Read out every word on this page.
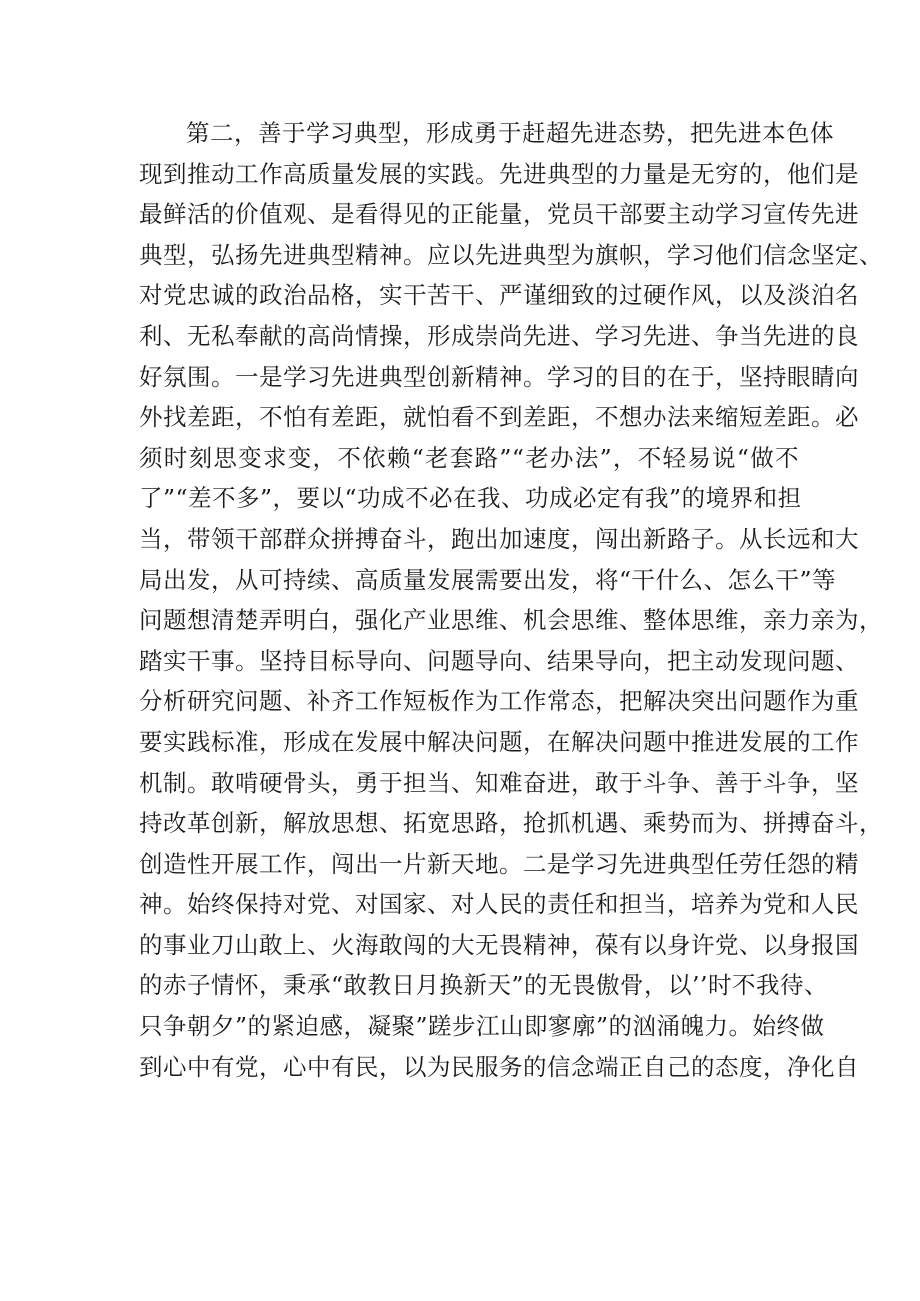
第二，善于学习典型，形成勇于赶超先进态势，把先进本色体
现到推动工作高质量发展的实践。先进典型的力量是无穷的，他们是
最鲜活的价值观、是看得见的正能量，党员干部要主动学习宣传先进
典型，弘扬先进典型精神。应以先进典型为旗帜，学习他们信念坚定、
对党忠诚的政治品格，实干苦干、严谨细致的过硬作风，以及淡泊名
利、无私奉献的高尚情操，形成崇尚先进、学习先进、争当先进的良
好氛围。一是学习先进典型创新精神。学习的目的在于，坚持眼睛向
外找差距，不怕有差距，就怕看不到差距，不想办法来缩短差距。必
须时刻思变求变，不依赖“老套路”“老办法”，不轻易说“做不
了”“差不多”，要以“功成不必在我、功成必定有我”的境界和担
当，带领干部群众拼搏奋斗，跑出加速度，闯出新路子。从长远和大
局出发，从可持续、高质量发展需要出发，将“干什么、怎么干”等
问题想清楚弄明白，强化产业思维、机会思维、整体思维，亲力亲为，
踏实干事。坚持目标导向、问题导向、结果导向，把主动发现问题、
分析研究问题、补齐工作短板作为工作常态，把解决突出问题作为重
要实践标准，形成在发展中解决问题，在解决问题中推进发展的工作
机制。敢啃硬骨头，勇于担当、知难奋进，敢于斗争、善于斗争，坚
持改革创新，解放思想、拓宽思路，抢抓机遇、乘势而为、拼搏奋斗，
创造性开展工作，闯出一片新天地。二是学习先进典型任劳任怨的精
神。始终保持对党、对国家、对人民的责任和担当，培养为党和人民
的事业刀山敢上、火海敢闯的大无畏精神，葆有以身许党、以身报国
的赤子情怀，秉承“敢教日月换新天”的无畏傲骨，以’’时不我待、
只争朝夕”的紧迫感，凝聚”蹉步江山即寥廓”的汹涌魄力。始终做
到心中有党，心中有民，以为民服务的信念端正自己的态度，净化自
